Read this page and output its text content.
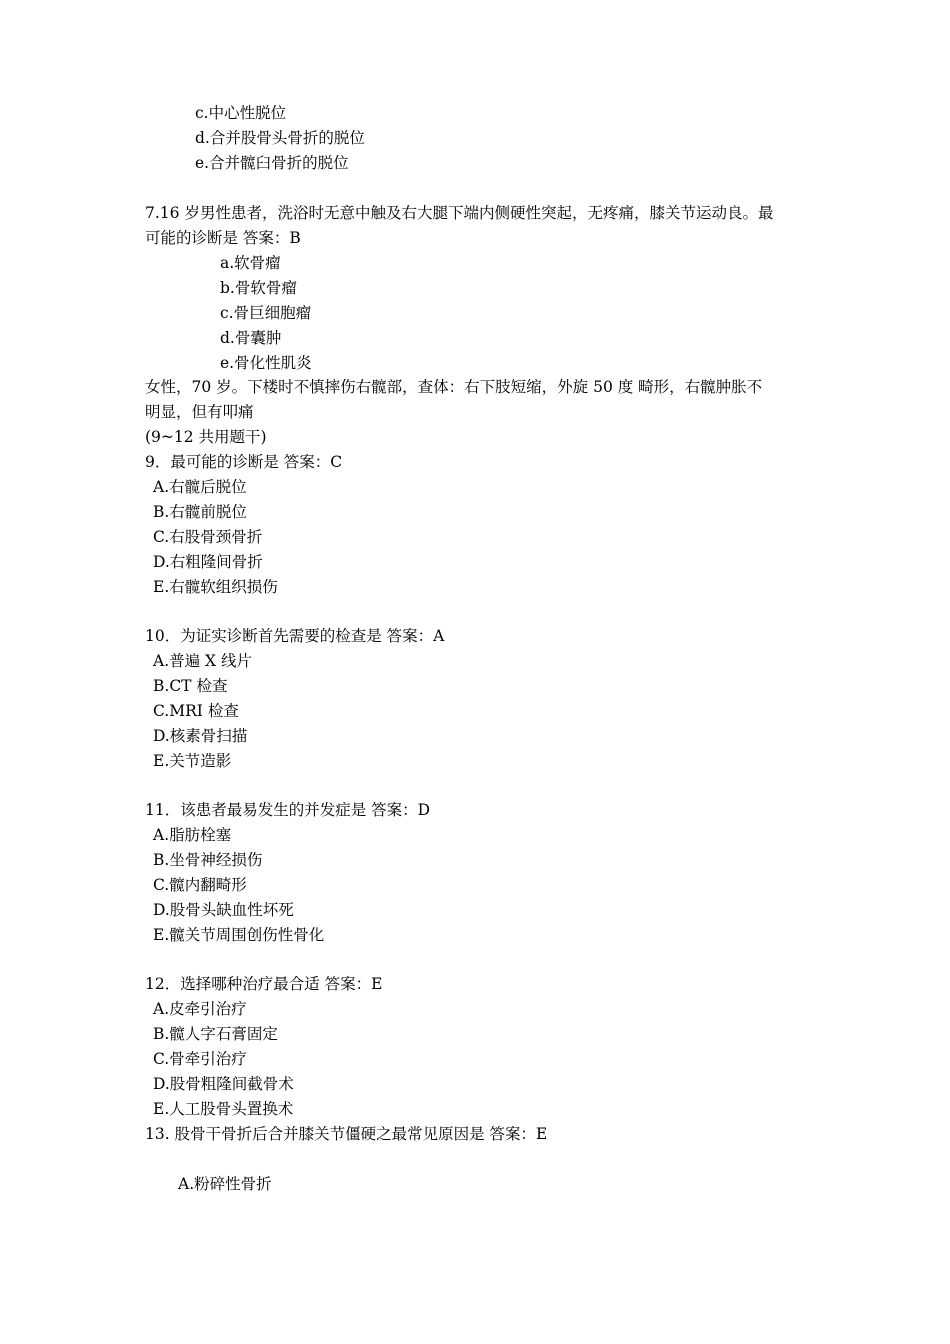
c.中心性脱位
d.合并股骨头骨折的脱位
e.合并髋臼骨折的脱位
7.16 岁男性患者，洗浴时无意中触及右大腿下端内侧硬性突起，无疼痛，膝关节运动良。最
可能的诊断是 答案：B
a.软骨瘤
b.骨软骨瘤
c.骨巨细胞瘤
d.骨囊肿
e.骨化性肌炎
女性，70 岁。下楼时不慎摔伤右髋部，查体：右下肢短缩，外旋 50 度 畸形，右髋肿胀不
明显，但有叩痛
(9~12 共用题干)
9．最可能的诊断是 答案：C
A.右髋后脱位
B.右髋前脱位
C.右股骨颈骨折
D.右粗隆间骨折
E.右髋软组织损伤
10．为证实诊断首先需要的检查是 答案：A
A.普遍 X 线片
B.CT 检查
C.MRI 检查
D.核素骨扫描
E.关节造影
11．该患者最易发生的并发症是 答案：D
A.脂肪栓塞
B.坐骨神经损伤
C.髋内翻畸形
D.股骨头缺血性坏死
E.髋关节周围创伤性骨化
12．选择哪种治疗最合适 答案：E
A.皮牵引治疗
B.髋人字石膏固定
C.骨牵引治疗
D.股骨粗隆间截骨术
E.人工股骨头置换术
13. 股骨干骨折后合并膝关节僵硬之最常见原因是 答案：E
A.粉碎性骨折
